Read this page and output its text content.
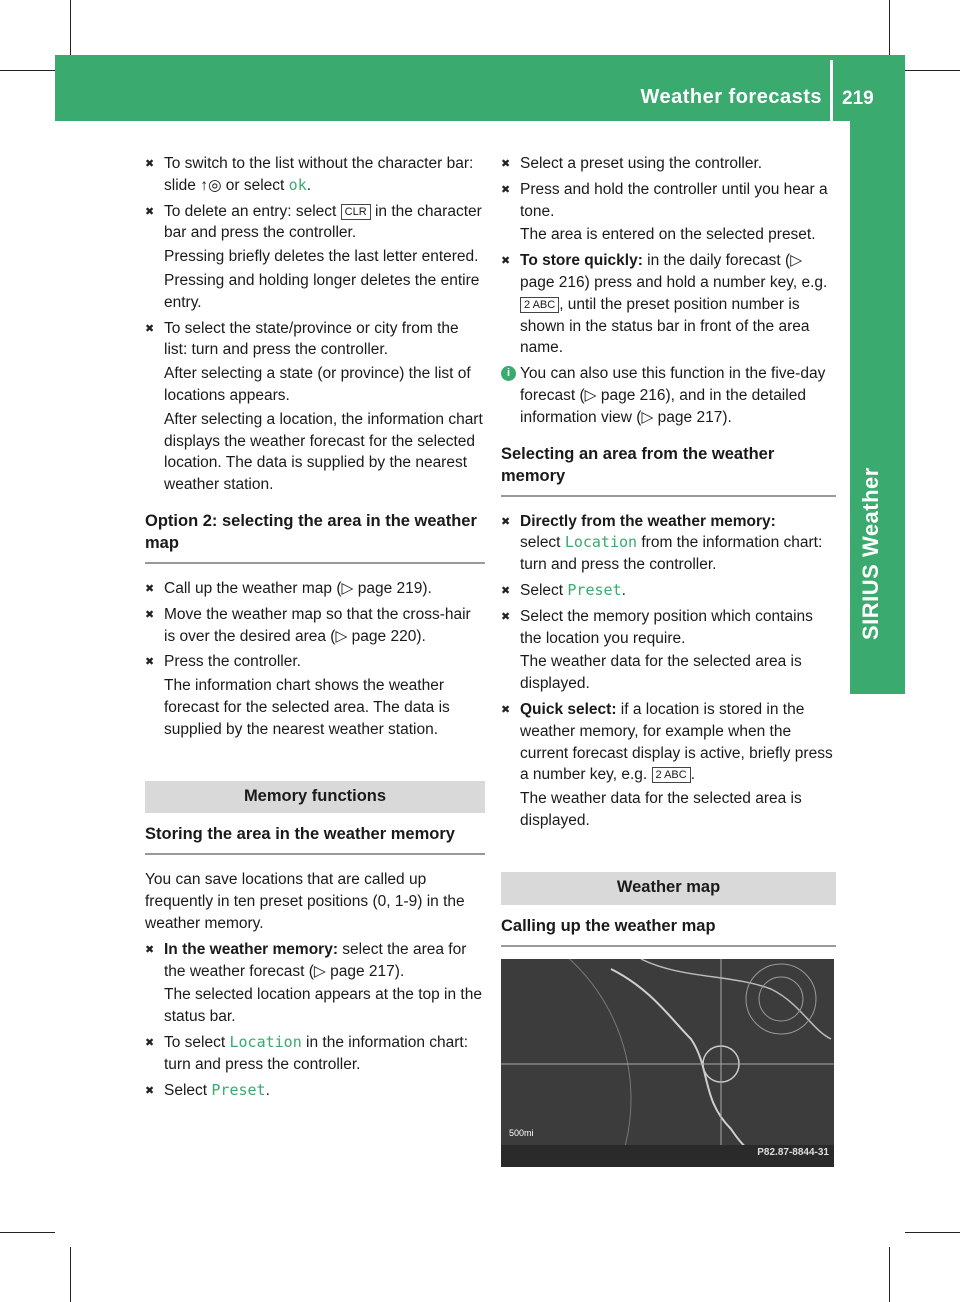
Weather forecasts 219
SIRIUS Weather
✖ To switch to the list without the character bar: slide ↑◎ or select ok.
✖ To delete an entry: select CLR in the character bar and press the controller.
Pressing briefly deletes the last letter entered.
Pressing and holding longer deletes the entire entry.
✖ To select the state/province or city from the list: turn and press the controller.
After selecting a state (or province) the list of locations appears.
After selecting a location, the information chart displays the weather forecast for the selected location. The data is supplied by the nearest weather station.
Option 2: selecting the area in the weather map
✖ Call up the weather map (▷ page 219).
✖ Move the weather map so that the cross-hair is over the desired area (▷ page 220).
✖ Press the controller.
The information chart shows the weather forecast for the selected area. The data is supplied by the nearest weather station.
Memory functions
Storing the area in the weather memory
You can save locations that are called up frequently in ten preset positions (0, 1-9) in the weather memory.
✖ In the weather memory: select the area for the weather forecast (▷ page 217).
The selected location appears at the top in the status bar.
✖ To select Location in the information chart: turn and press the controller.
✖ Select Preset.
✖ Select a preset using the controller.
✖ Press and hold the controller until you hear a tone.
The area is entered on the selected preset.
✖ To store quickly: in the daily forecast (▷ page 216) press and hold a number key, e.g. 2 ABC , until the preset position number is shown in the status bar in front of the area name.
i You can also use this function in the five-day forecast (▷ page 216), and in the detailed information view (▷ page 217).
Selecting an area from the weather memory
✖ Directly from the weather memory:
select Location from the information chart: turn and press the controller.
✖ Select Preset.
✖ Select the memory position which contains the location you require.
The weather data for the selected area is displayed.
✖ Quick select: if a location is stored in the weather memory, for example when the current forecast display is active, briefly press a number key, e.g. 2 ABC .
The weather data for the selected area is displayed.
Weather map
Calling up the weather map
500mi
P82.87-8844-31
